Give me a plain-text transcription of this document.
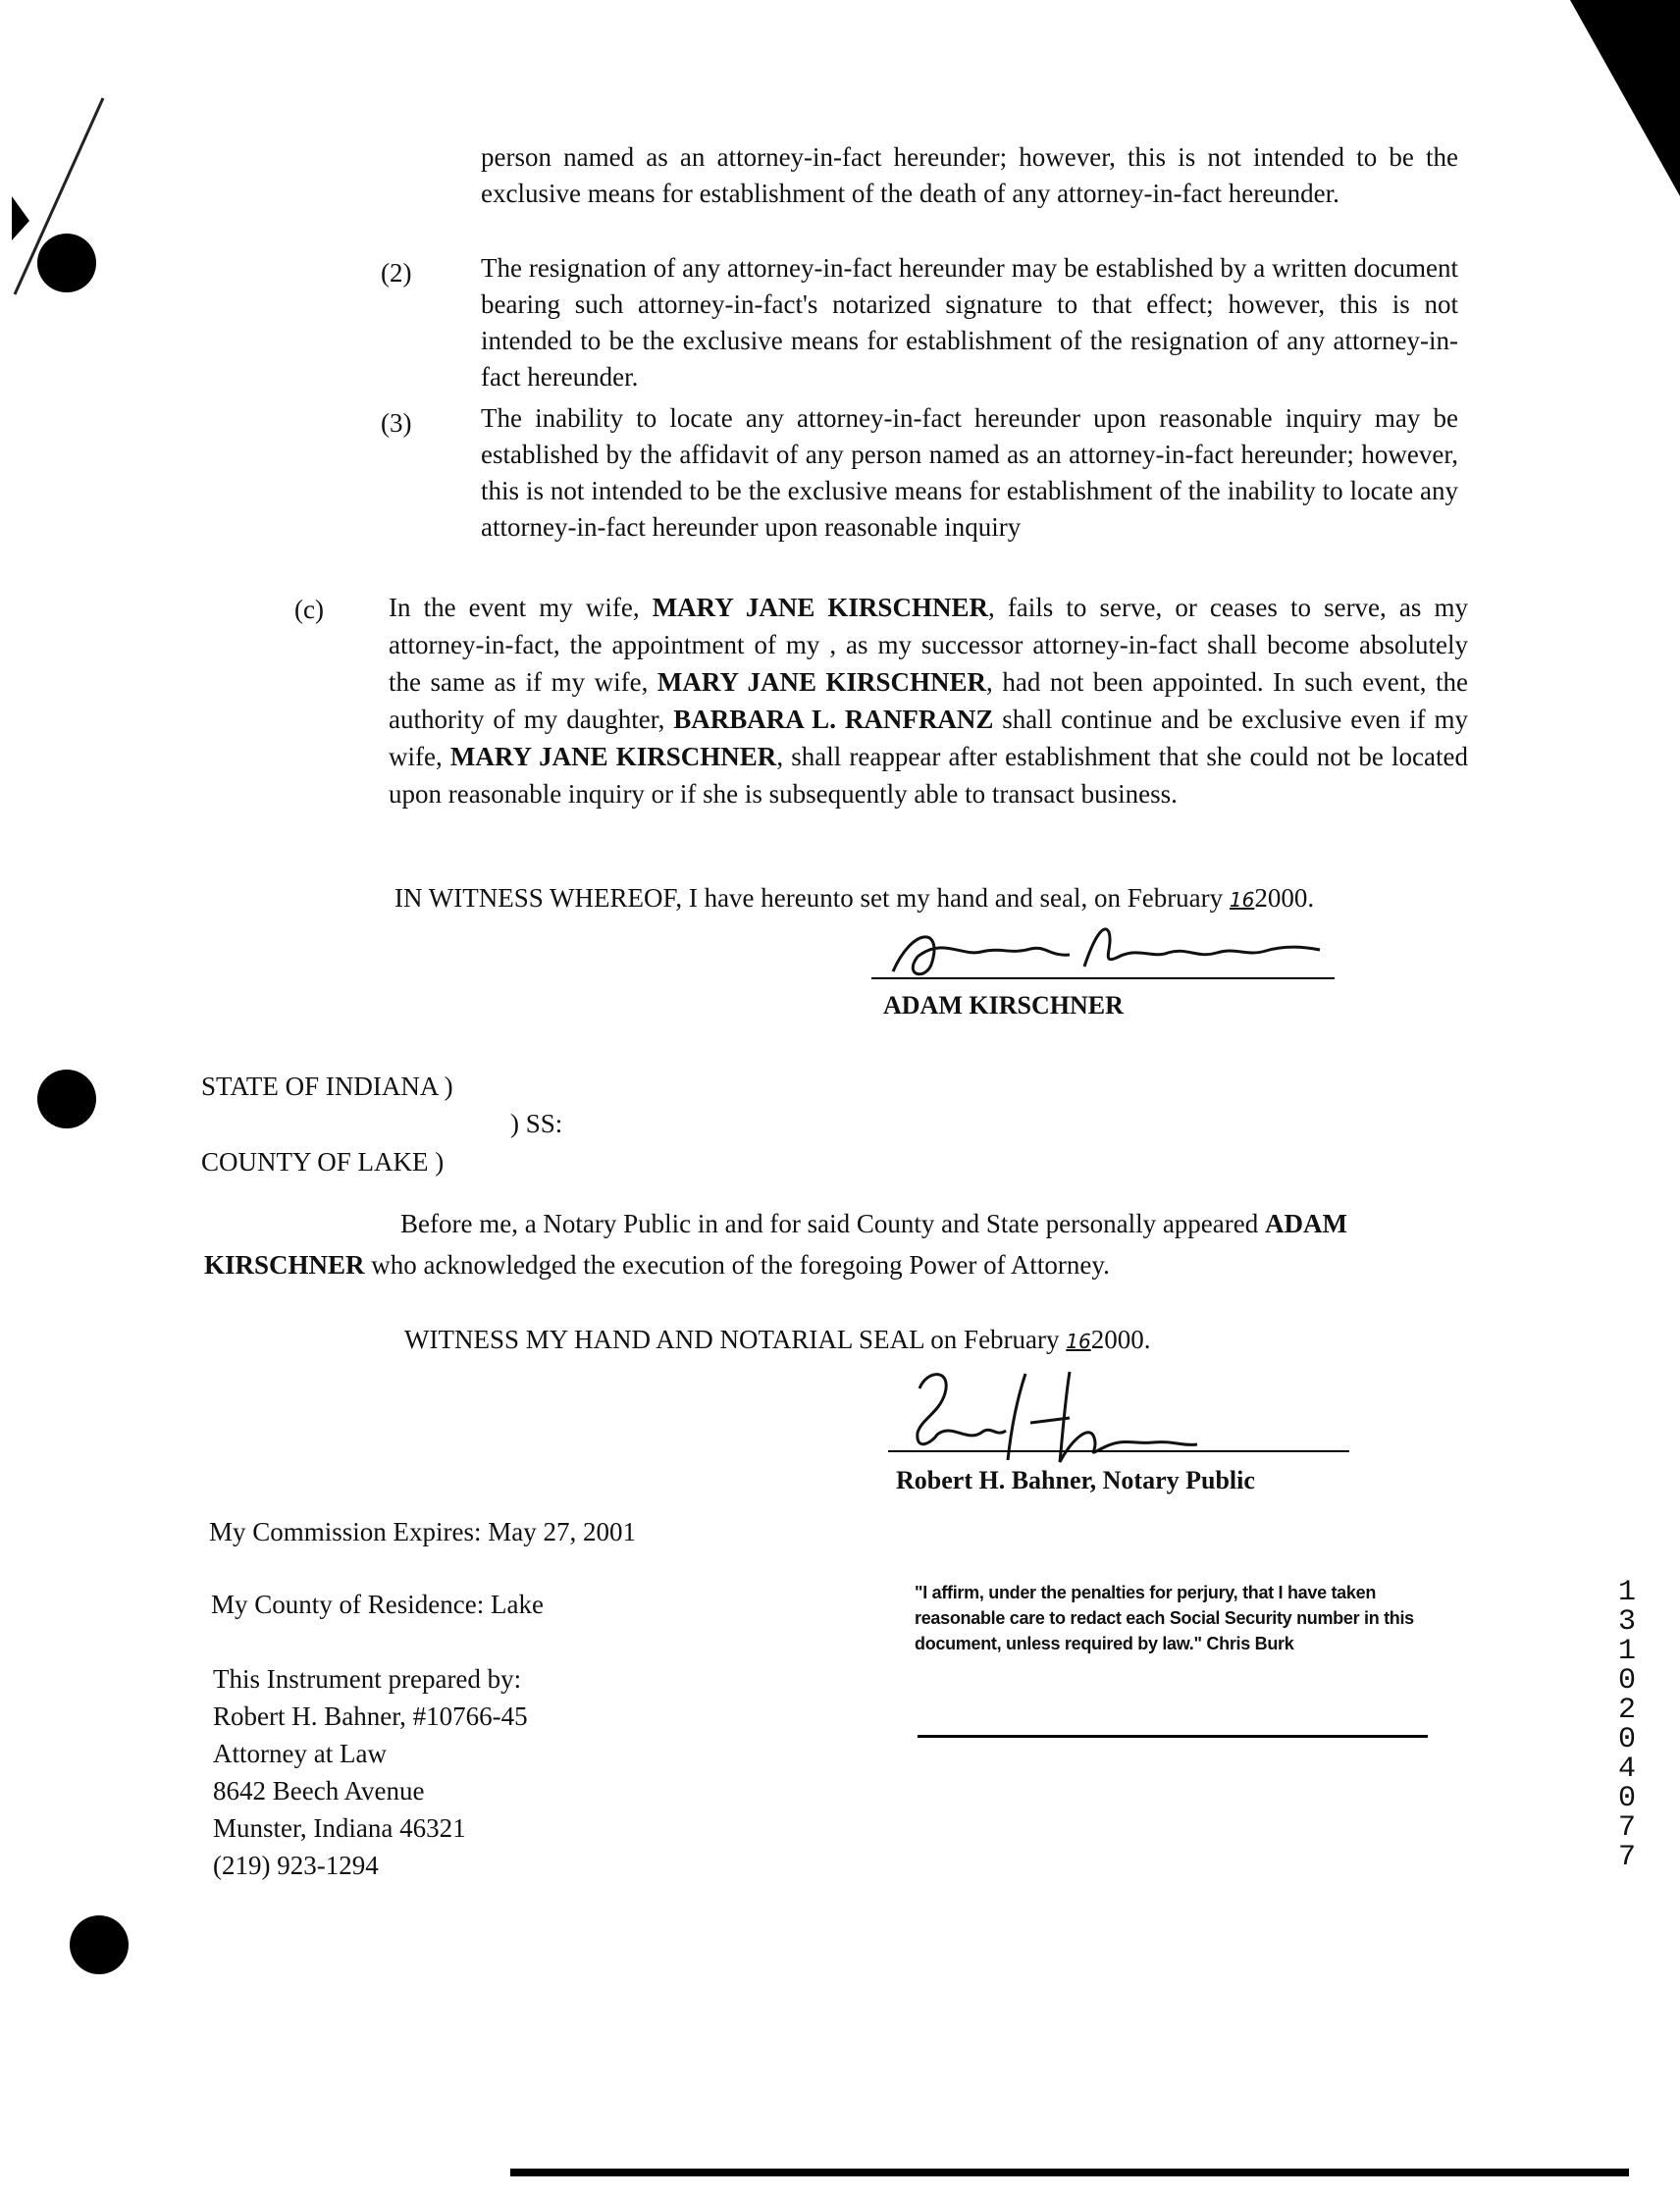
person named as an attorney-in-fact hereunder; however, this is not intended to be the exclusive means for establishment of the death of any attorney-in-fact hereunder.
(2)	The resignation of any attorney-in-fact hereunder may be established by a written document bearing such attorney-in-fact's notarized signature to that effect; however, this is not intended to be the exclusive means for establishment of the resignation of any attorney-in-fact hereunder.
(3)	The inability to locate any attorney-in-fact hereunder upon reasonable inquiry may be established by the affidavit of any person named as an attorney-in-fact hereunder; however, this is not intended to be the exclusive means for establishment of the inability to locate any attorney-in-fact hereunder upon reasonable inquiry
(c) In the event my wife, MARY JANE KIRSCHNER, fails to serve, or ceases to serve, as my attorney-in-fact, the appointment of my , as my successor attorney-in-fact shall become absolutely the same as if my wife, MARY JANE KIRSCHNER, had not been appointed. In such event, the authority of my daughter, BARBARA L. RANFRANZ shall continue and be exclusive even if my wife, MARY JANE KIRSCHNER, shall reappear after establishment that she could not be located upon reasonable inquiry or if she is subsequently able to transact business.
IN WITNESS WHEREOF, I have hereunto set my hand and seal, on February 162000.
ADAM KIRSCHNER
STATE OF INDIANA )
) SS:
COUNTY OF LAKE )
Before me, a Notary Public in and for said County and State personally appeared ADAM
KIRSCHNER who acknowledged the execution of the foregoing Power of Attorney.
WITNESS MY HAND AND NOTARIAL SEAL on February 162000.
Robert H. Bahner, Notary Public
My Commission Expires: May 27, 2001
My County of Residence: Lake
This Instrument prepared by:
Robert H. Bahner, #10766-45
Attorney at Law
8642 Beech Avenue
Munster, Indiana 46321
(219) 923-1294
"I affirm, under the penalties for perjury, that I have taken reasonable care to redact each Social Security number in this document, unless required by law." Chris Burk
13102 04077
